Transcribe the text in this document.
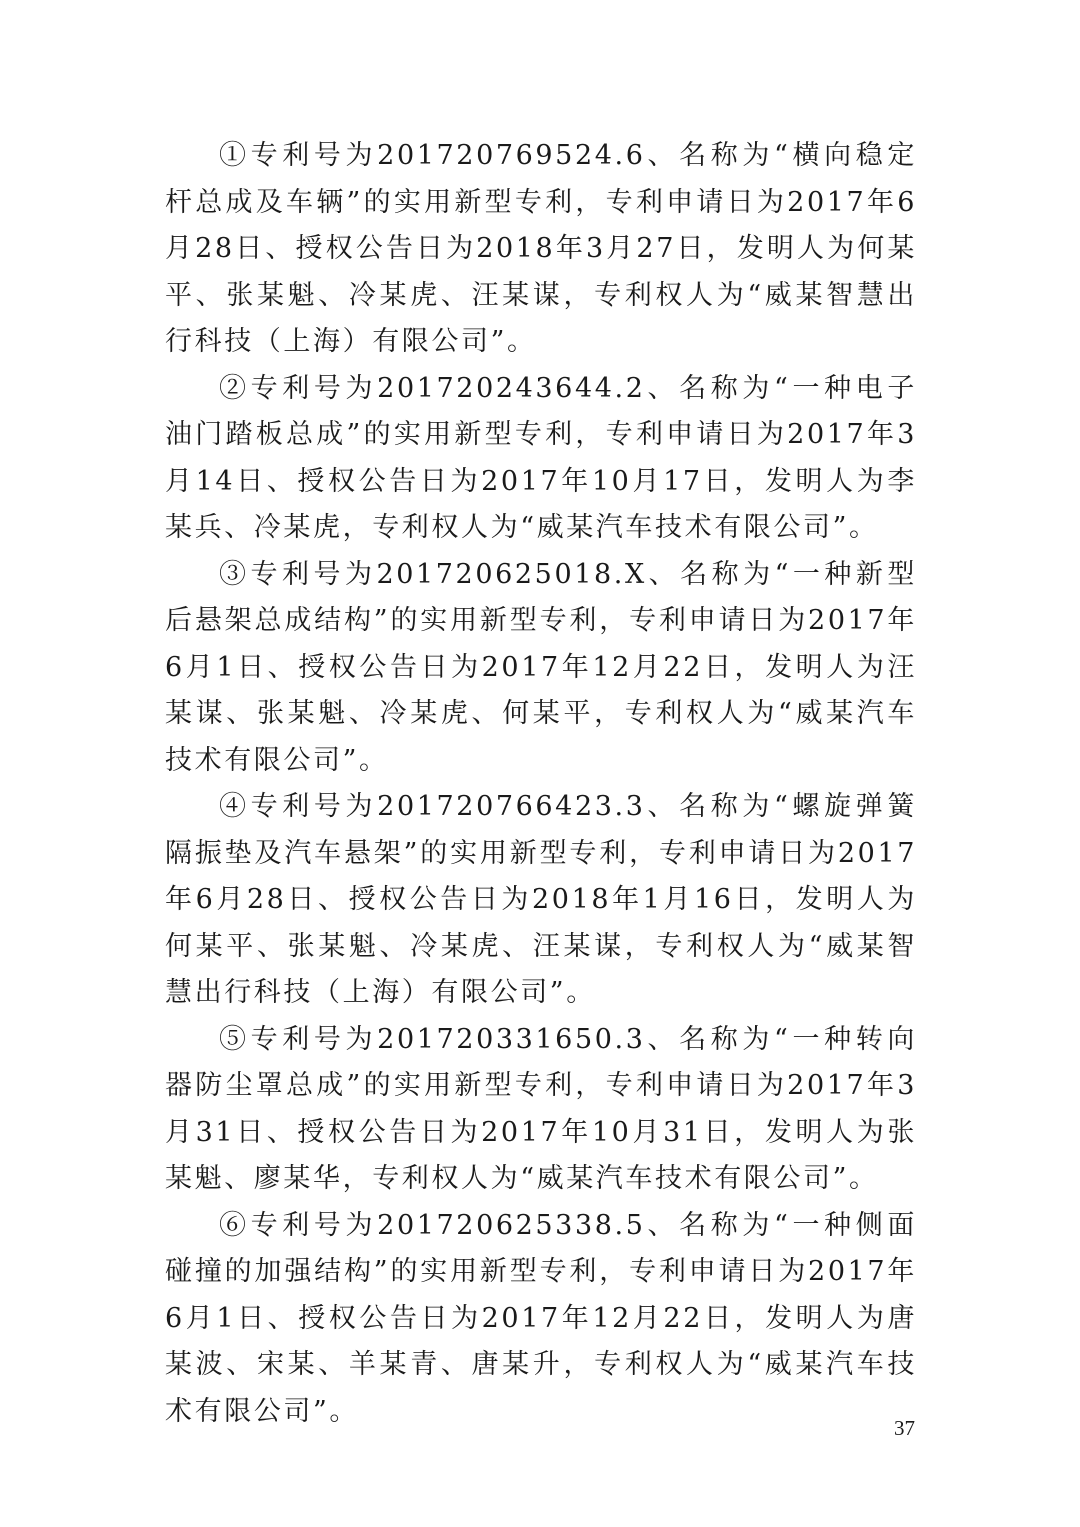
①专利号为201720769524.6、名称为“横向稳定杆总成及车辆”的实用新型专利，专利申请日为2017年6月28日、授权公告日为2018年3月27日，发明人为何某平、张某魁、冷某虎、汪某谋，专利权人为“威某智慧出行科技（上海）有限公司”。

②专利号为201720243644.2、名称为“一种电子油门踏板总成”的实用新型专利，专利申请日为2017年3月14日、授权公告日为2017年10月17日，发明人为李某兵、冷某虎，专利权人为“威某汽车技术有限公司”。

③专利号为201720625018.X、名称为“一种新型后悬架总成结构”的实用新型专利，专利申请日为2017年6月1日、授权公告日为2017年12月22日，发明人为汪某谋、张某魁、冷某虎、何某平，专利权人为“威某汽车技术有限公司”。

④专利号为201720766423.3、名称为“螺旋弹簧隔振垫及汽车悬架”的实用新型专利，专利申请日为2017年6月28日、授权公告日为2018年1月16日，发明人为何某平、张某魁、冷某虎、汪某谋，专利权人为“威某智慧出行科技（上海）有限公司”。

⑤专利号为201720331650.3、名称为“一种转向器防尘罩总成”的实用新型专利，专利申请日为2017年3月31日、授权公告日为2017年10月31日，发明人为张某魁、廖某华，专利权人为“威某汽车技术有限公司”。

⑥专利号为201720625338.5、名称为“一种侧面碰撞的加强结构”的实用新型专利，专利申请日为2017年6月1日、授权公告日为2017年12月22日，发明人为唐某波、宋某、羊某青、唐某升，专利权人为“威某汽车技术有限公司”。

37
